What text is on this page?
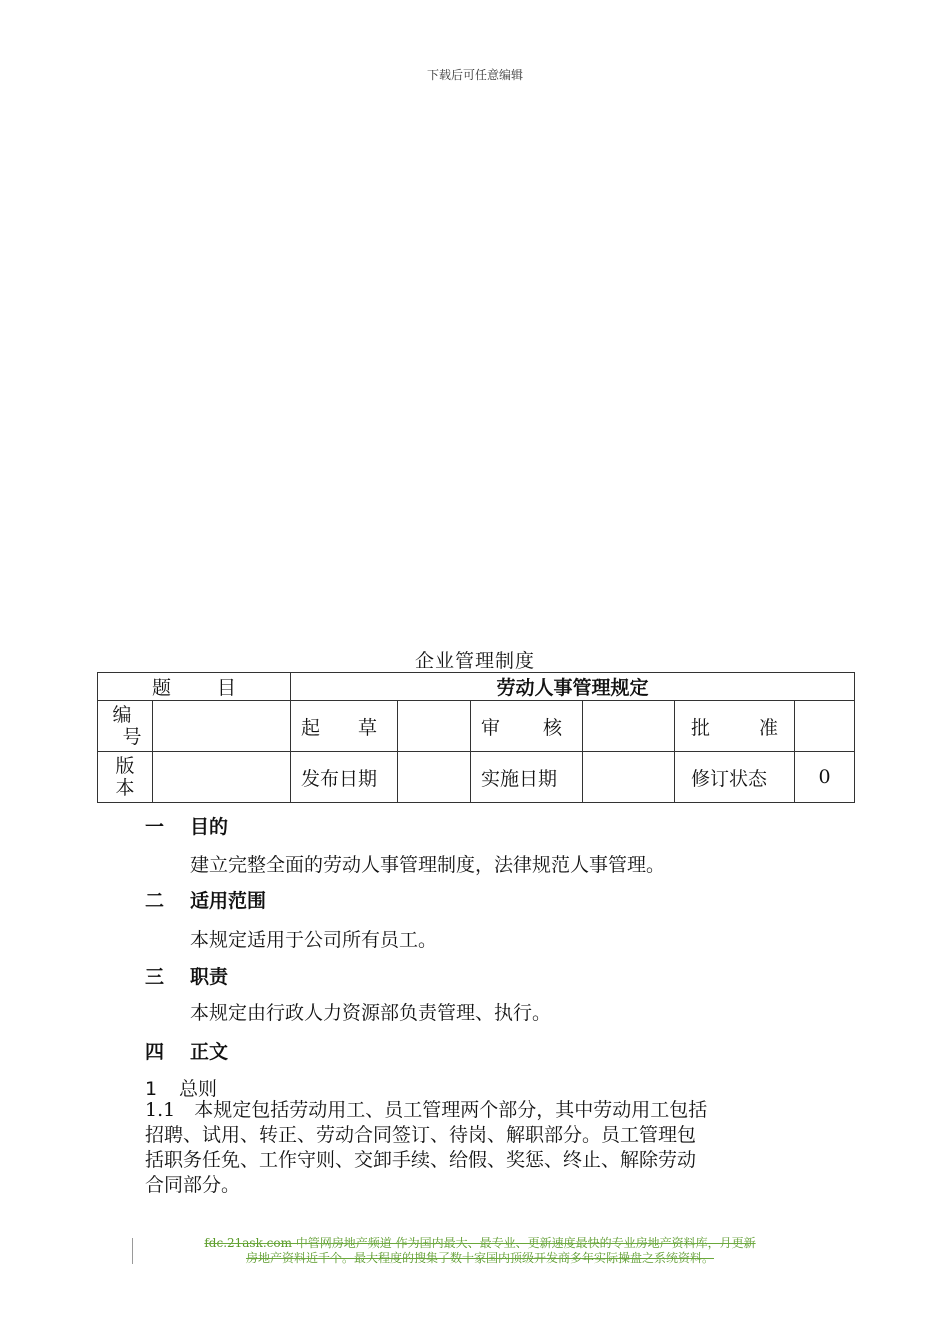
下载后可任意编辑
企业管理制度
题 目		劳动人事管理规定					

编
号		起 草		审 核		批 准	

版
本		发布日期		实施日期		修订状态	0
一 目的
建立完整全面的劳动人事管理制度，法律规范人事管理。
二 适用范围
本规定适用于公司所有员工。
三 职责
本规定由行政人力资源部负责管理、执行。
四 正文
1 总则
1.1　本规定包括劳动用工、员工管理两个部分，其中劳动用工包括
招聘、试用、转正、劳动合同签订、待岗、解职部分。员工管理包
括职务任免、工作守则、交卸手续、给假、奖惩、终止、解除劳动
合同部分。
fdc.21ask.com 中管网房地产频道 作为国内最大、最专业、更新速度最快的专业房地产资料库，月更新
房地产资料近千个。最大程度的搜集了数十家国内顶级开发商多年实际操盘之系统资料。
